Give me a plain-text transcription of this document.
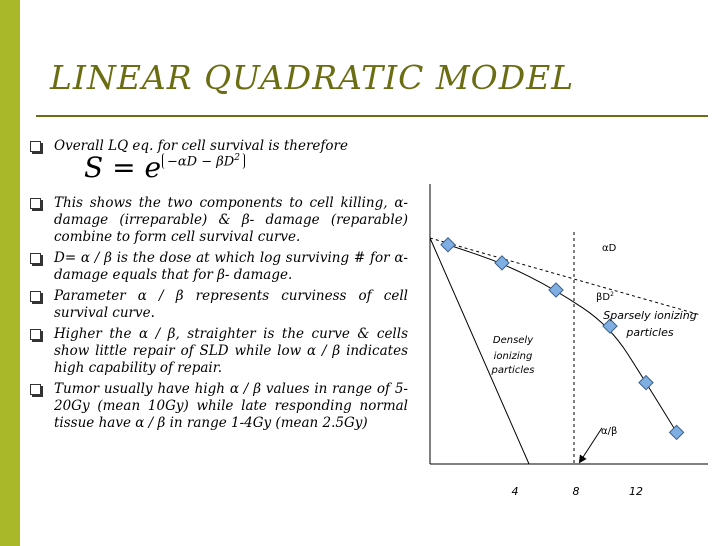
LINEAR QUADRATIC MODEL
Overall LQ eq. for cell survival is therefore
This shows the two components to cell killing, α- damage (irreparable) & β- damage (reparable) combine to form cell survival curve.
D= α / β is the dose at which log surviving # for α- damage equals that for β- damage.
Parameter α / β represents curviness of cell survival curve.
Higher the α / β, straighter is the curve & cells show little repair of SLD while low α / β indicates high capability of repair.
Tumor usually have high α / β values in range of 5-20Gy (mean 10Gy) while late responding normal tissue have α / β in range 1-4Gy (mean 2.5Gy)
$S = e -\alpha D - \beta D^2$
4	8	12
αD
$\beta D^2$
Sparsely ionizing
particles
Densely
ionizing
particles
α/β
